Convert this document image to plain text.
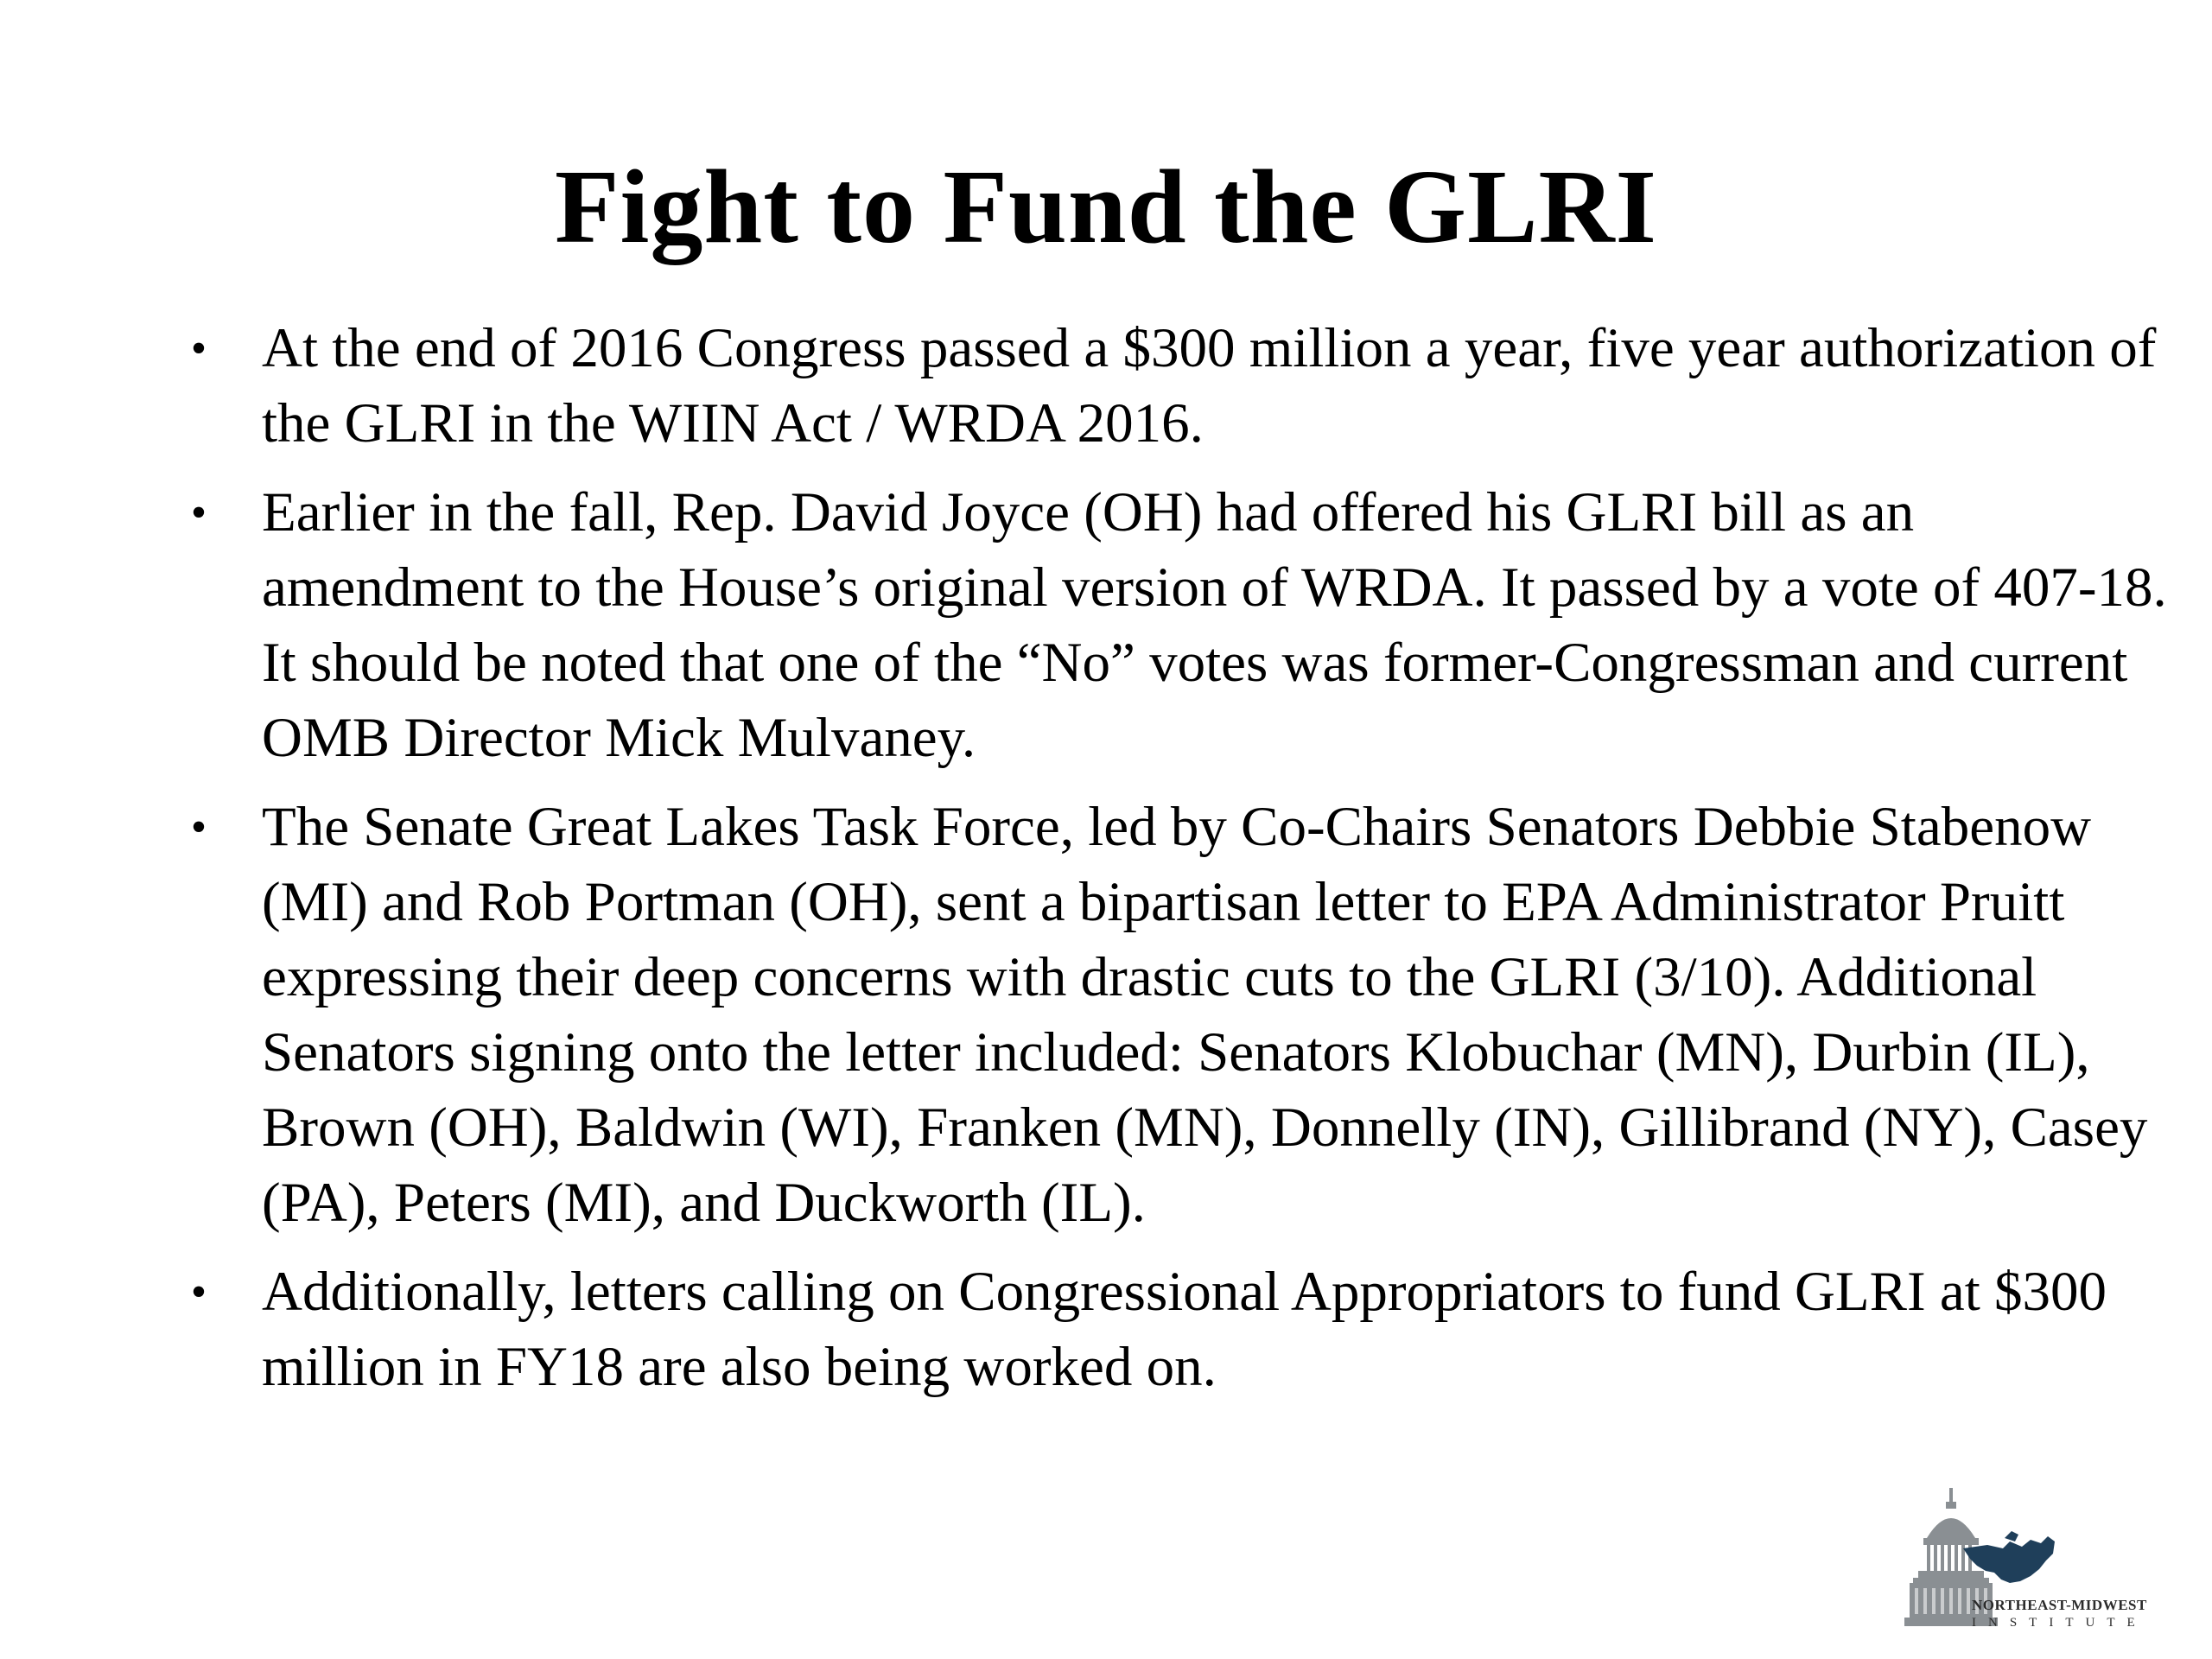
Fight to Fund the GLRI
• At the end of 2016 Congress passed a $300 million a year, five year authorization of the GLRI in the WIIN Act / WRDA 2016.
• Earlier in the fall, Rep. David Joyce (OH) had offered his GLRI bill as an amendment to the House’s original version of WRDA. It passed by a vote of 407-18. It should be noted that one of the “No” votes was former-Congressman and current OMB Director Mick Mulvaney.
• The Senate Great Lakes Task Force, led by Co-Chairs Senators Debbie Stabenow (MI) and Rob Portman (OH), sent a bipartisan letter to EPA Administrator Pruitt expressing their deep concerns with drastic cuts to the GLRI (3/10). Additional Senators signing onto the letter included: Senators Klobuchar (MN), Durbin (IL), Brown (OH), Baldwin (WI), Franken (MN), Donnelly (IN), Gillibrand (NY), Casey (PA), Peters (MI), and Duckworth (IL).
• Additionally, letters calling on Congressional Appropriators to fund GLRI at $300 million in FY18 are also being worked on.
NORTHEAST-MIDWEST
INSTITUTE
